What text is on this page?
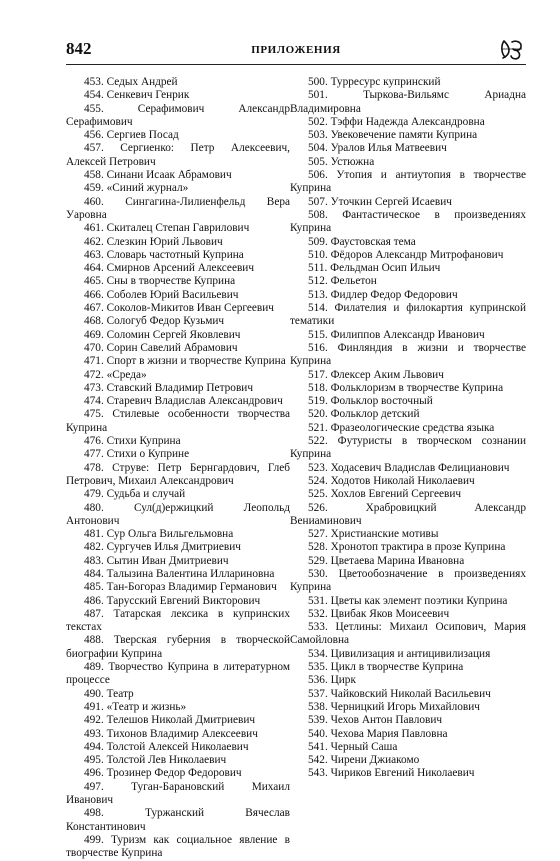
842	ПРИЛОЖЕНИЯ

453. Седых Андрей

454. Сенкевич Генрик

455. Серафимович Александр Серафимович

456. Сергиев Посад

457. Сергиенко: Петр Алексеевич, Алексей Петрович

458. Синани Исаак Абрамович

459. «Синий журнал»

460. Сингагина-Лилиенфельд Вера Уаровна

461. Скиталец Степан Гаврилович

462. Слезкин Юрий Львович

463. Словарь частотный Куприна

464. Смирнов Арсений Алексеевич

465. Сны в творчестве Куприна

466. Соболев Юрий Васильевич

467. Соколов-Микитов Иван Сергеевич

468. Сологуб Федор Кузьмич

469. Соломин Сергей Яковлевич

470. Сорин Савелий Абрамович

471. Спорт в жизни и творчестве Куприна

472. «Среда»

473. Ставский Владимир Петрович

474. Старевич Владислав Александрович

475. Стилевые особенности творчества Куприна

476. Стихи Куприна

477. Стихи о Куприне

478. Струве: Петр Бернгардович, Глеб Петрович, Михаил Александрович

479. Судьба и случай

480. Сул(д)ержицкий Леопольд Антонович

481. Сур Ольга Вильгельмовна

482. Сургучев Илья Дмитриевич

483. Сытин Иван Дмитриевич

484. Талызина Валентина Иллариновна

485. Тан-Богораз Владимир Германович

486. Тарусский Евгений Викторович

487. Татарская лексика в купринских текстах

488. Тверская губерния в творческой биографии Куприна

489. Творчество Куприна в литературном процессе

490. Театр

491. «Театр и жизнь»

492. Телешов Николай Дмитриевич

493. Тихонов Владимир Алексеевич

494. Толстой Алексей Николаевич

495. Толстой Лев Николаевич

496. Трозинер Федор Федорович

497. Туган-Барановский Михаил Иванович

498. Туржанский Вячеслав Константинович

499. Туризм как социальное явление в творчестве Куприна

500. Турресурс купринский

501. Тыркова-Вильямс Ариадна Владимировна

502. Тэффи Надежда Александровна

503. Увековечение памяти Куприна

504. Уралов Илья Матвеевич

505. Устюжна

506. Утопия и антиутопия в творчестве Куприна

507. Уточкин Сергей Исаевич

508. Фантастическое в произведениях Куприна

509. Фаустовская тема

510. Фёдоров Александр Митрофанович

511. Фельдман Осип Ильич

512. Фельетон

513. Фидлер Федор Федорович

514. Филателия и филокартия купринской тематики

515. Филиппов Александр Иванович

516. Финляндия в жизни и творчестве Куприна

517. Флексер Аким Львович

518. Фольклоризм в творчестве Куприна

519. Фольклор восточный

520. Фольклор детский

521. Фразеологические средства языка

522. Футуристы в творческом сознании Куприна

523. Ходасевич Владислав Фелицианович

524. Ходотов Николай Николаевич

525. Хохлов Евгений Сергеевич

526. Храбровицкий Александр Вениаминович

527. Христианские мотивы

528. Хронотоп трактира в прозе Куприна

529. Цветаева Марина Ивановна

530. Цветообозначение в произведениях Куприна

531. Цветы как элемент поэтики Куприна

532. Цвибак Яков Моисеевич

533. Цетлины: Михаил Осипович, Мария Самойловна

534. Цивилизация и антицивилизация

535. Цикл в творчестве Куприна

536. Цирк

537. Чайковский Николай Васильевич

538. Черницкий Игорь Михайлович

539. Чехов Антон Павлович

540. Чехова Мария Павловна

541. Черный Саша

542. Чирени Джиакомо

543. Чириков Евгений Николаевич
